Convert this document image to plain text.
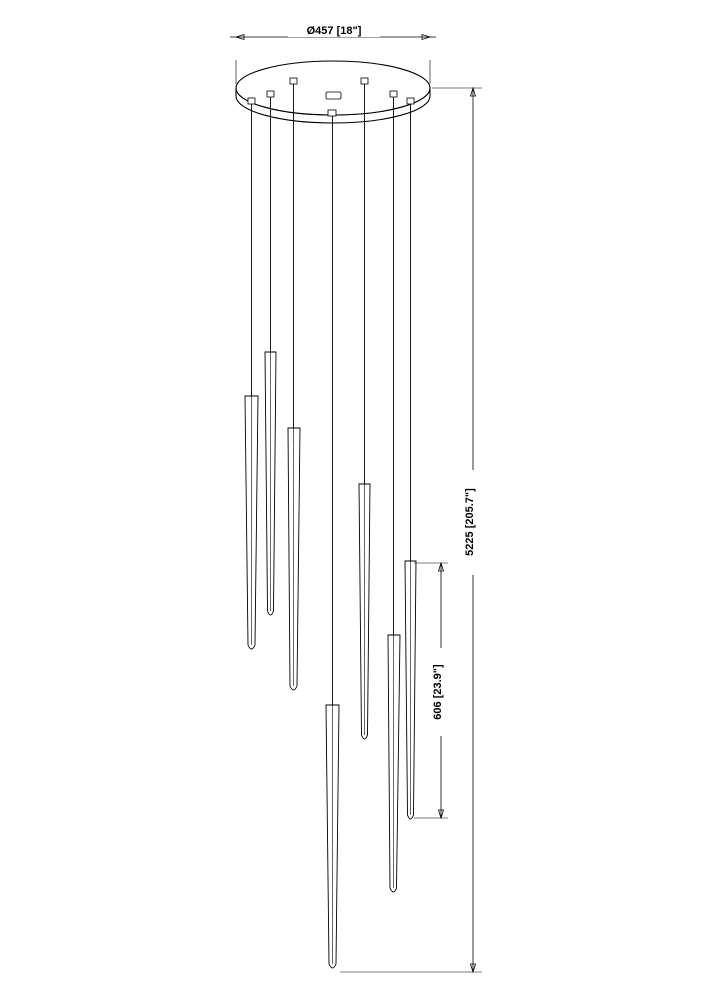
Ø457 [18"]
606 [23.9"]
5225 [205.7"]
